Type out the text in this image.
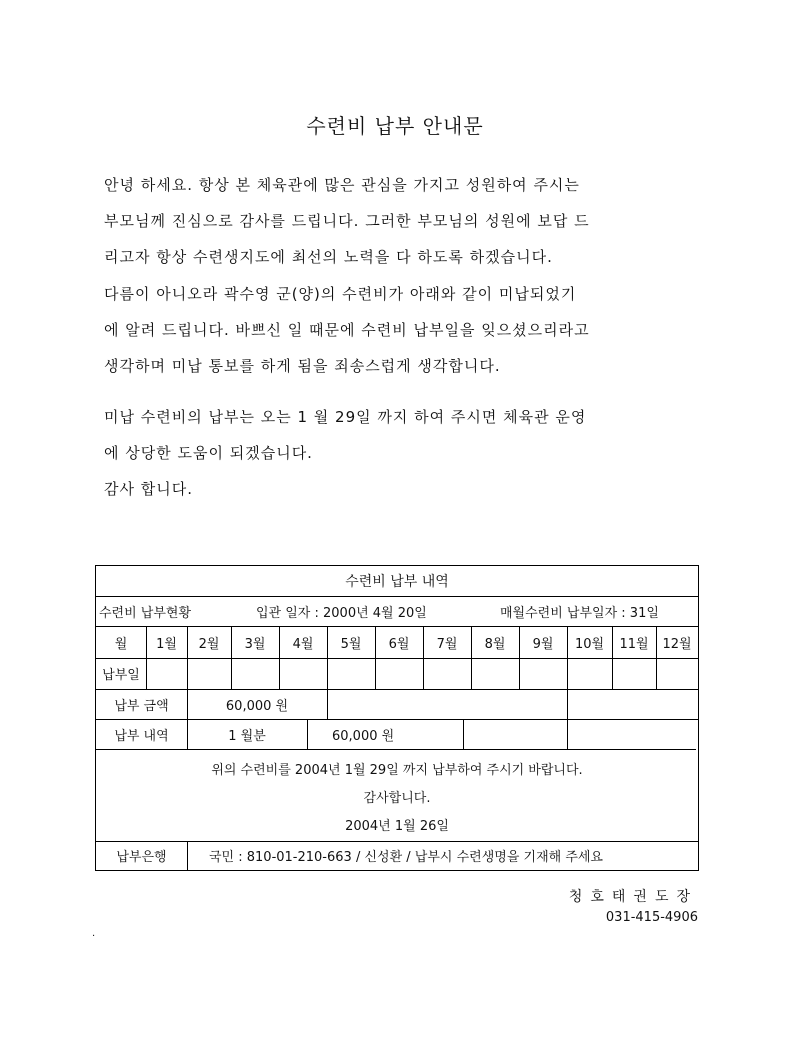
수련비 납부 안내문
안녕 하세요. 항상 본 체육관에 많은 관심을 가지고 성원하여 주시는
부모님께 진심으로 감사를 드립니다. 그러한 부모님의 성원에 보답 드
리고자 항상 수련생지도에 최선의 노력을 다 하도록 하겠습니다.
다름이 아니오라 곽수영 군(양)의 수련비가 아래와 같이 미납되었기
에 알려 드립니다. 바쁘신 일 때문에 수련비 납부일을 잊으셨으리라고
생각하며 미납 통보를 하게 됨을 죄송스럽게 생각합니다.
미납 수련비의 납부는 오는 1 월 29일 까지 하여 주시면 체육관 운영
에 상당한 도움이 되겠습니다.
감사 합니다.
수련비 납부 내역
수련비 납부현황	입관 일자 : 2000년 4월 20일	매월수련비 납부일자 : 31일
월	1월	2월	3월	4월	5월	6월	7월	8월	9월	10월	11월	12월
납부일
납부 금액	60,000 원
납부 내역	1 월분	60,000 원
위의 수련비를 2004년 1월 29일 까지 납부하여 주시기 바랍니다.
감사합니다.
2004년 1월 26일
납부은행	국민 : 810-01-210-663 / 신성환 / 납부시 수련생명을 기재해 주세요
청호태권도장
031-415-4906
.
